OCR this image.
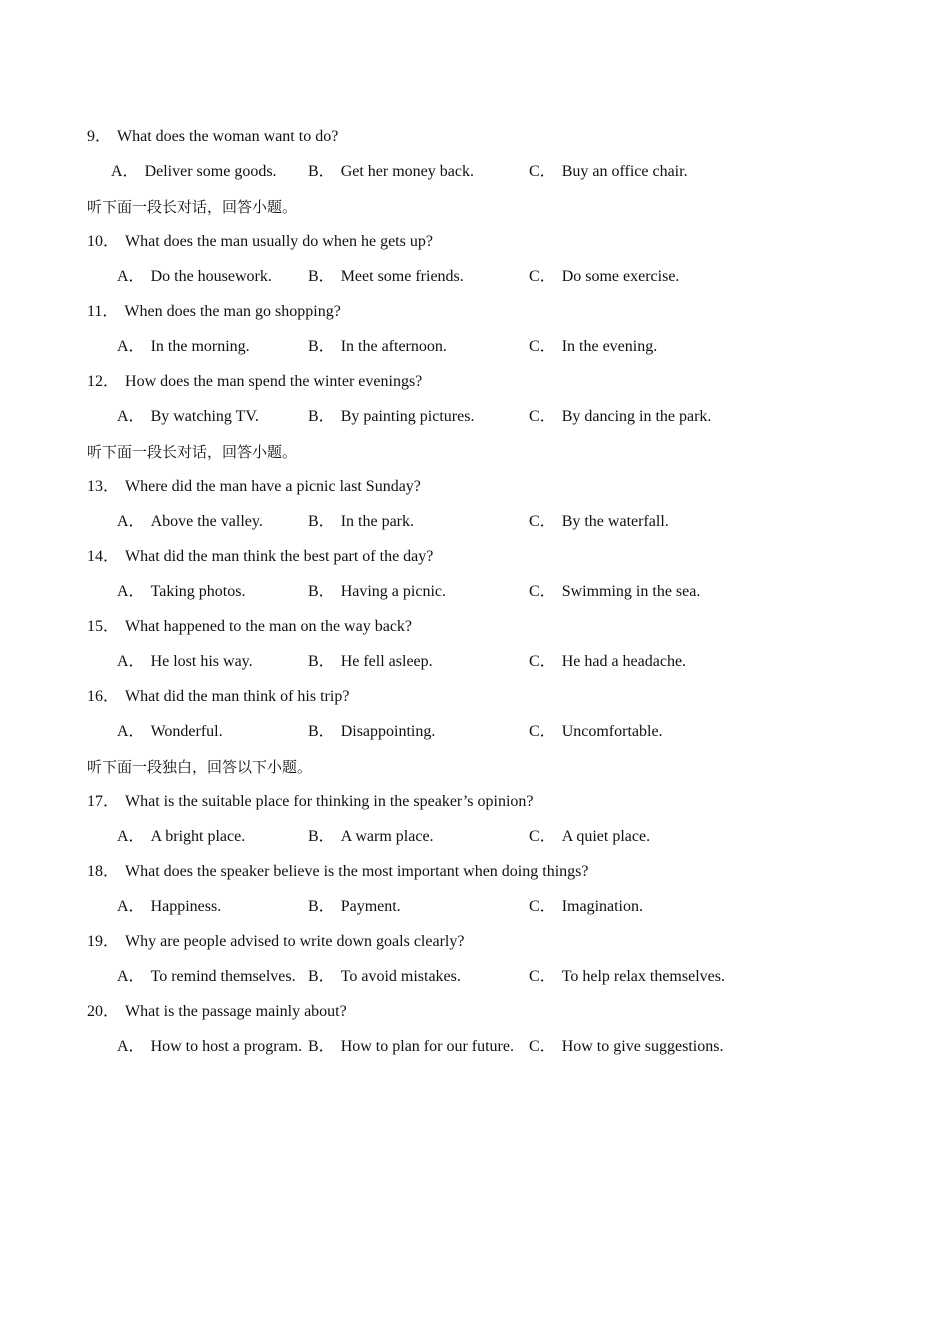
9． What does the woman want to do?
A． Deliver some goods. B． Get her money back.	C． Buy an office chair.
听下面一段长对话，回答小题。
10． What does the man usually do when he gets up?
A． Do the housework. B． Meet some friends.	C． Do some exercise.
11． When does the man go shopping?
A． In the morning.	B． In the afternoon.	C． In the evening.
12． How does the man spend the winter evenings?
A． By watching TV.	B． By painting pictures.	C． By dancing in the park.
听下面一段长对话，回答小题。
13． Where did the man have a picnic last Sunday?
A． Above the valley.	B． In the park.	C． By the waterfall.
14． What did the man think the best part of the day?
A． Taking photos.	B． Having a picnic.	C． Swimming in the sea.
15． What happened to the man on the way back?
A． He lost his way.	B． He fell asleep.	C． He had a headache.
16． What did the man think of his trip?
A． Wonderful.	B． Disappointing.	C． Uncomfortable.
听下面一段独白，回答以下小题。
17． What is the suitable place for thinking in the speaker’s opinion?
A． A bright place.	B． A warm place.	C． A quiet place.
18． What does the speaker believe is the most important when doing things?
A． Happiness.	B． Payment.	C． Imagination.
19． Why are people advised to write down goals clearly?
A． To remind themselves. B． To avoid mistakes.	C． To help relax themselves.
20． What is the passage mainly about?
A． How to host a program. B． How to plan for our future. C． How to give suggestions.
